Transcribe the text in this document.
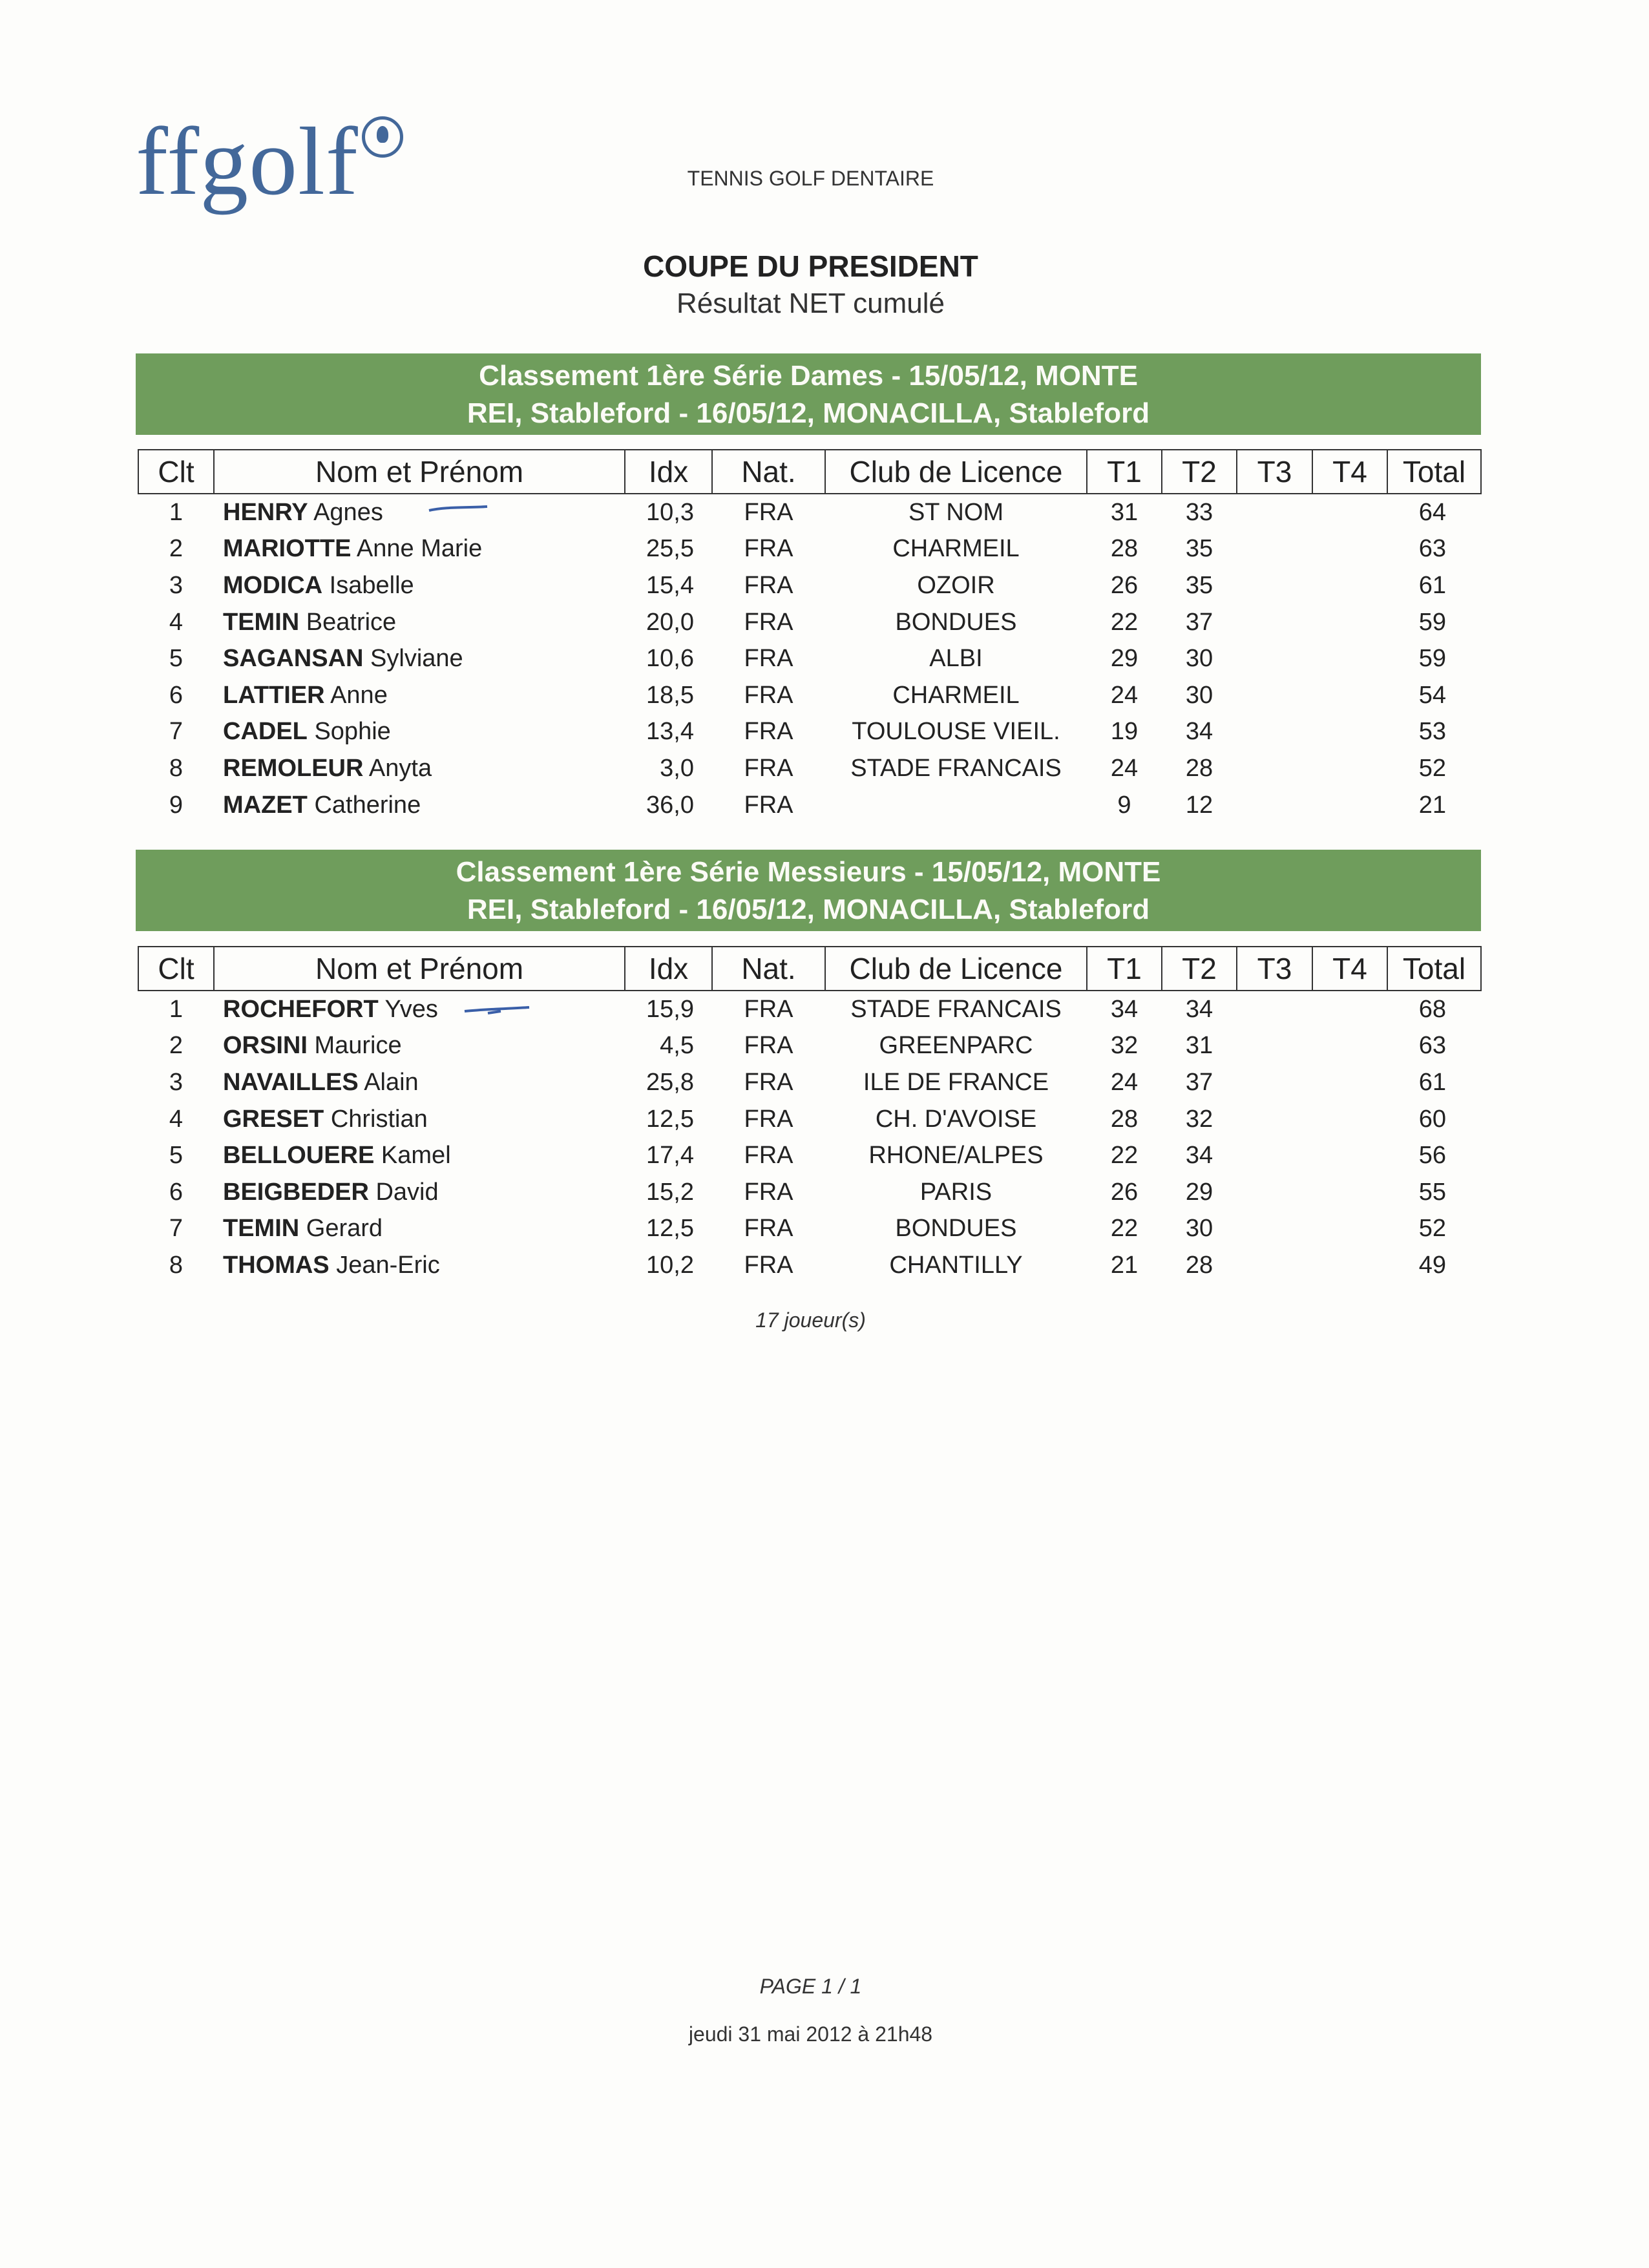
ffgolf	TENNIS GOLF DENTAIRE
COUPE DU PRESIDENT
Résultat NET cumulé
Classement 1ère Série Dames - 15/05/12, MONTE
REI, Stableford - 16/05/12, MONACILLA, Stableford
Clt	Nom et Prénom	Idx	Nat.	Club de Licence	T1	T2	T3	T4	Total
1	HENRY Agnes	10,3	FRA	ST NOM	31	33			64
2	MARIOTTE Anne Marie	25,5	FRA	CHARMEIL	28	35			63
3	MODICA Isabelle	15,4	FRA	OZOIR	26	35			61
4	TEMIN Beatrice	20,0	FRA	BONDUES	22	37			59
5	SAGANSAN Sylviane	10,6	FRA	ALBI	29	30			59
6	LATTIER Anne	18,5	FRA	CHARMEIL	24	30			54
7	CADEL Sophie	13,4	FRA	TOULOUSE VIEIL.	19	34			53
8	REMOLEUR Anyta	3,0	FRA	STADE FRANCAIS	24	28			52
9	MAZET Catherine	36,0	FRA		9	12			21
Classement 1ère Série Messieurs - 15/05/12, MONTE
REI, Stableford - 16/05/12, MONACILLA, Stableford
Clt	Nom et Prénom	Idx	Nat.	Club de Licence	T1	T2	T3	T4	Total
1	ROCHEFORT Yves	15,9	FRA	STADE FRANCAIS	34	34			68
2	ORSINI Maurice	4,5	FRA	GREENPARC	32	31			63
3	NAVAILLES Alain	25,8	FRA	ILE DE FRANCE	24	37			61
4	GRESET Christian	12,5	FRA	CH. D'AVOISE	28	32			60
5	BELLOUERE Kamel	17,4	FRA	RHONE/ALPES	22	34			56
6	BEIGBEDER David	15,2	FRA	PARIS	26	29			55
7	TEMIN Gerard	12,5	FRA	BONDUES	22	30			52
8	THOMAS Jean-Eric	10,2	FRA	CHANTILLY	21	28			49
17 joueur(s)
PAGE 1 / 1
jeudi 31 mai 2012 à 21h48
